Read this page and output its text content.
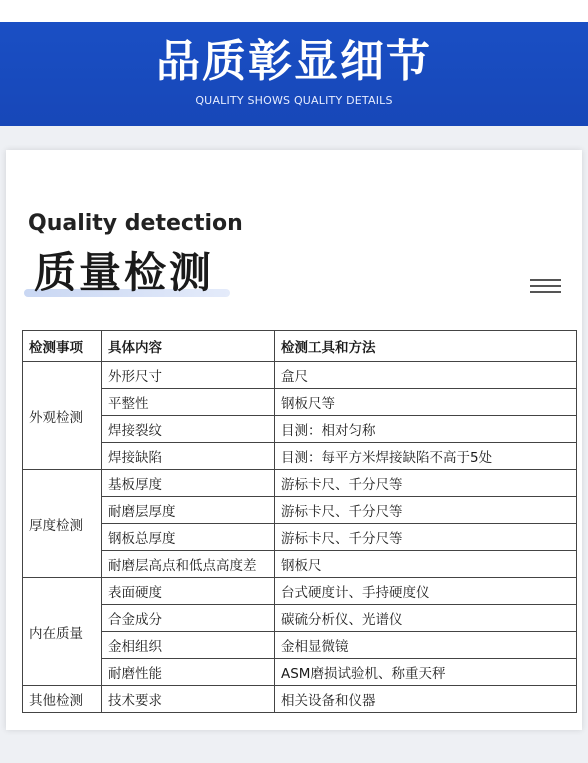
品质彰显细节
QUALITY SHOWS QUALITY DETAILS
Quality detection
质量检测
检测事项	具体内容	检测工具和方法
外观检测	外形尺寸	盒尺
	平整性	钢板尺等
	焊接裂纹	目测：相对匀称
	焊接缺陷	目测：每平方米焊接缺陷不高于5处
厚度检测	基板厚度	游标卡尺、千分尺等
	耐磨层厚度	游标卡尺、千分尺等
	钢板总厚度	游标卡尺、千分尺等
	耐磨层高点和低点高度差	钢板尺
内在质量	表面硬度	台式硬度计、手持硬度仪
	合金成分	碳硫分析仪、光谱仪
	金相组织	金相显微镜
	耐磨性能	ASM磨损试验机、称重天秤
其他检测	技术要求	相关设备和仪器
